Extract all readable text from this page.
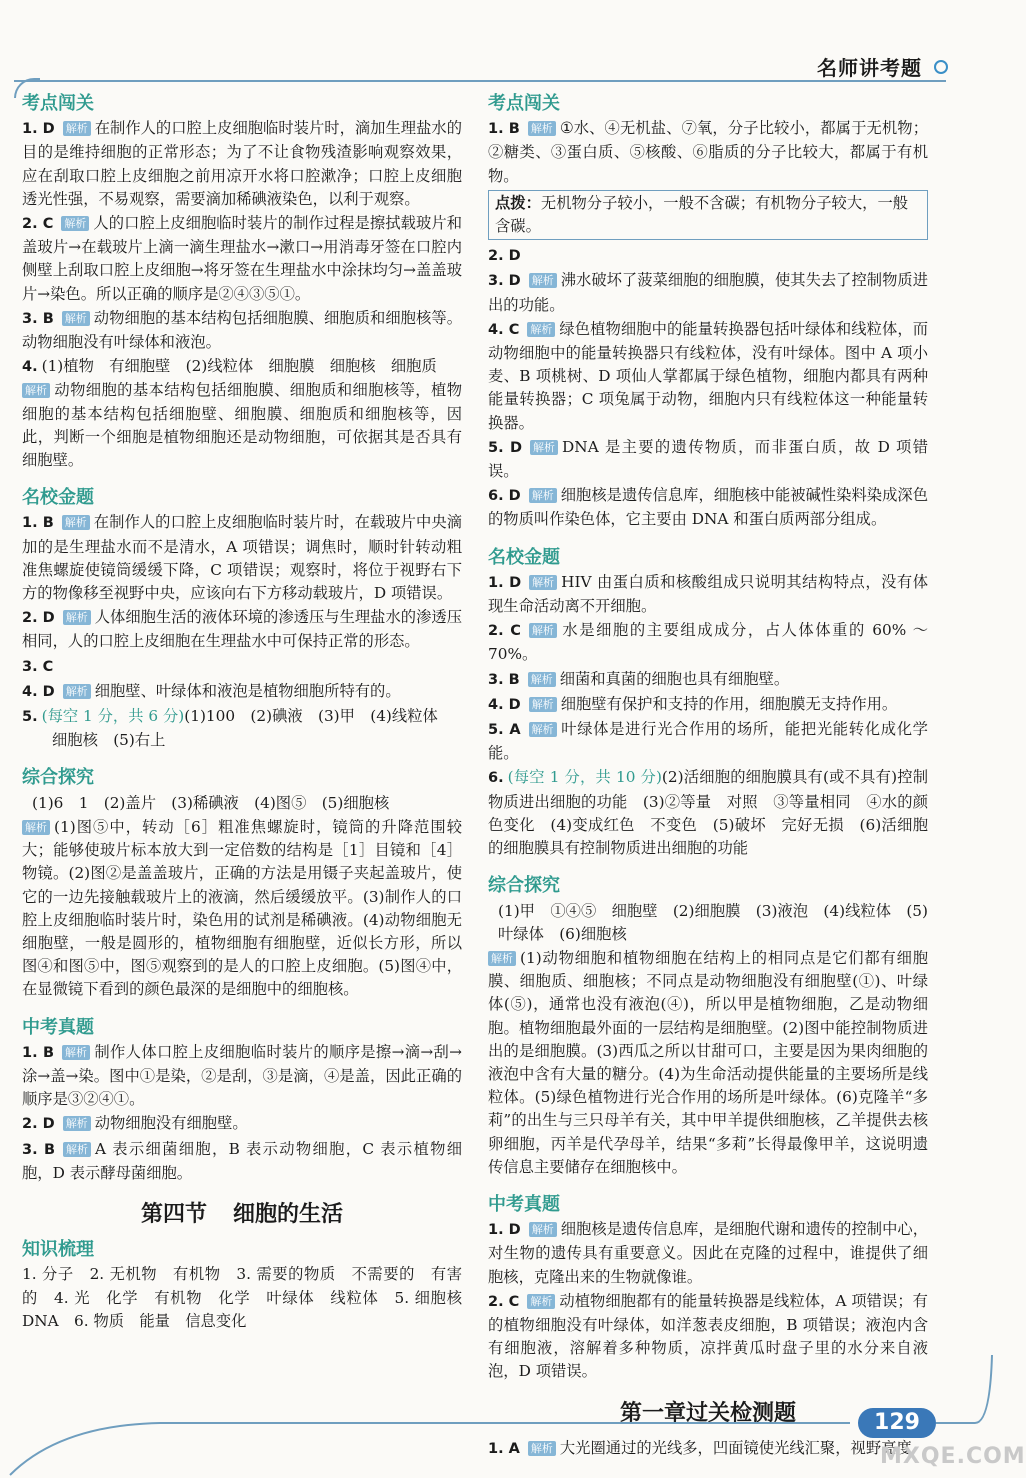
名师讲考题
考点闯关
1. D 解析 在制作人的口腔上皮细胞临时装片时，滴加生理盐水的目的是维持细胞的正常形态；为了不让食物残渣影响观察效果，应在刮取口腔上皮细胞之前用凉开水将口腔漱净；口腔上皮细胞透光性强，不易观察，需要滴加稀碘液染色，以利于观察。
2. C 解析 人的口腔上皮细胞临时装片的制作过程是擦拭载玻片和盖玻片→在载玻片上滴一滴生理盐水→漱口→用消毒牙签在口腔内侧壁上刮取口腔上皮细胞→将牙签在生理盐水中涂抹均匀→盖盖玻片→染色。所以正确的顺序是②④③⑤①。
3. B 解析 动物细胞的基本结构包括细胞膜、细胞质和细胞核等。动物细胞没有叶绿体和液泡。
4. (1)植物　有细胞壁　(2)线粒体　细胞膜　细胞核　细胞质
解析 动物细胞的基本结构包括细胞膜、细胞质和细胞核等，植物细胞的基本结构包括细胞壁、细胞膜、细胞质和细胞核等，因此，判断一个细胞是植物细胞还是动物细胞，可依据其是否具有细胞壁。
名校金题
1. B 解析 在制作人的口腔上皮细胞临时装片时，在载玻片中央滴加的是生理盐水而不是清水，A 项错误；调焦时，顺时针转动粗准焦螺旋使镜筒缓缓下降，C 项错误；观察时，将位于视野右下方的物像移至视野中央，应该向右下方移动载玻片，D 项错误。
2. D 解析 人体细胞生活的液体环境的渗透压与生理盐水的渗透压相同，人的口腔上皮细胞在生理盐水中可保持正常的形态。
3. C
4. D 解析 细胞壁、叶绿体和液泡是植物细胞所特有的。
5. (每空 1 分，共 6 分)(1)100　(2)碘液　(3)甲　(4)线粒体
细胞核　(5)右上
综合探究
(1)6　1　(2)盖片　(3)稀碘液　(4)图⑤　(5)细胞核
解析 (1)图⑤中，转动［6］粗准焦螺旋时，镜筒的升降范围较大；能够使玻片标本放大到一定倍数的结构是［1］目镜和［4］物镜。(2)图②是盖盖玻片，正确的方法是用镊子夹起盖玻片，使它的一边先接触载玻片上的液滴，然后缓缓放平。(3)制作人的口腔上皮细胞临时装片时，染色用的试剂是稀碘液。(4)动物细胞无细胞壁，一般是圆形的，植物细胞有细胞壁，近似长方形，所以图④和图⑤中，图⑤观察到的是人的口腔上皮细胞。(5)图④中，在显微镜下看到的颜色最深的是细胞中的细胞核。
中考真题
1. B 解析 制作人体口腔上皮细胞临时装片的顺序是擦→滴→刮→涂→盖→染。图中①是染，②是刮，③是滴，④是盖，因此正确的顺序是③②④①。
2. D 解析 动物细胞没有细胞壁。
3. B 解析 A 表示细菌细胞，B 表示动物细胞，C 表示植物细胞，D 表示酵母菌细胞。
第四节 细胞的生活
知识梳理
1. 分子　2. 无机物　有机物　3. 需要的物质　不需要的　有害的　4. 光　化学　有机物　化学　叶绿体　线粒体　5. 细胞核　DNA　6. 物质　能量　信息变化
考点闯关
1. B 解析 ①水、④无机盐、⑦氧，分子比较小，都属于无机物；②糖类、③蛋白质、⑤核酸、⑥脂质的分子比较大，都属于有机物。
点拨：无机物分子较小，一般不含碳；有机物分子较大，一般含碳。
2. D
3. D 解析 沸水破坏了菠菜细胞的细胞膜，使其失去了控制物质进出的功能。
4. C 解析 绿色植物细胞中的能量转换器包括叶绿体和线粒体，而动物细胞中的能量转换器只有线粒体，没有叶绿体。图中 A 项小麦、B 项桃树、D 项仙人掌都属于绿色植物，细胞内都具有两种能量转换器；C 项兔属于动物，细胞内只有线粒体这一种能量转换器。
5. D 解析 DNA 是主要的遗传物质，而非蛋白质，故 D 项错误。
6. D 解析 细胞核是遗传信息库，细胞核中能被碱性染料染成深色的物质叫作染色体，它主要由 DNA 和蛋白质两部分组成。
名校金题
1. D 解析 HIV 由蛋白质和核酸组成只说明其结构特点，没有体现生命活动离不开细胞。
2. C 解析 水是细胞的主要组成成分，占人体体重的 60% ～ 70%。
3. B 解析 细菌和真菌的细胞也具有细胞壁。
4. D 解析 细胞壁有保护和支持的作用，细胞膜无支持作用。
5. A 解析 叶绿体是进行光合作用的场所，能把光能转化成化学能。
6. (每空 1 分，共 10 分)(2)活细胞的细胞膜具有(或不具有)控制物质进出细胞的功能　(3)②等量　对照　③等量相同　④水的颜色变化　(4)变成红色　不变色　(5)破坏　完好无损　(6)活细胞的细胞膜具有控制物质进出细胞的功能
综合探究
(1)甲　①④⑤　细胞壁　(2)细胞膜　(3)液泡　(4)线粒体　(5)叶绿体　(6)细胞核
解析 (1)动物细胞和植物细胞在结构上的相同点是它们都有细胞膜、细胞质、细胞核；不同点是动物细胞没有细胞壁(①)、叶绿体(⑤)，通常也没有液泡(④)，所以甲是植物细胞，乙是动物细胞。植物细胞最外面的一层结构是细胞壁。(2)图中能控制物质进出的是细胞膜。(3)西瓜之所以甘甜可口，主要是因为果肉细胞的液泡中含有大量的糖分。(4)为生命活动提供能量的主要场所是线粒体。(5)绿色植物进行光合作用的场所是叶绿体。(6)克隆羊“多莉”的出生与三只母羊有关，其中甲羊提供细胞核，乙羊提供去核卵细胞，丙羊是代孕母羊，结果“多莉”长得最像甲羊，这说明遗传信息主要储存在细胞核中。
中考真题
1. D 解析 细胞核是遗传信息库，是细胞代谢和遗传的控制中心，对生物的遗传具有重要意义。因此在克隆的过程中，谁提供了细胞核，克隆出来的生物就像谁。
2. C 解析 动植物细胞都有的能量转换器是线粒体，A 项错误；有的植物细胞没有叶绿体，如洋葱表皮细胞，B 项错误；液泡内含有细胞液，溶解着多种物质，凉拌黄瓜时盘子里的水分来自液泡，D 项错误。
第一章过关检测题
1. A 解析 大光圈通过的光线多，凹面镜使光线汇聚，视野亮度
129
MXQE.COM
